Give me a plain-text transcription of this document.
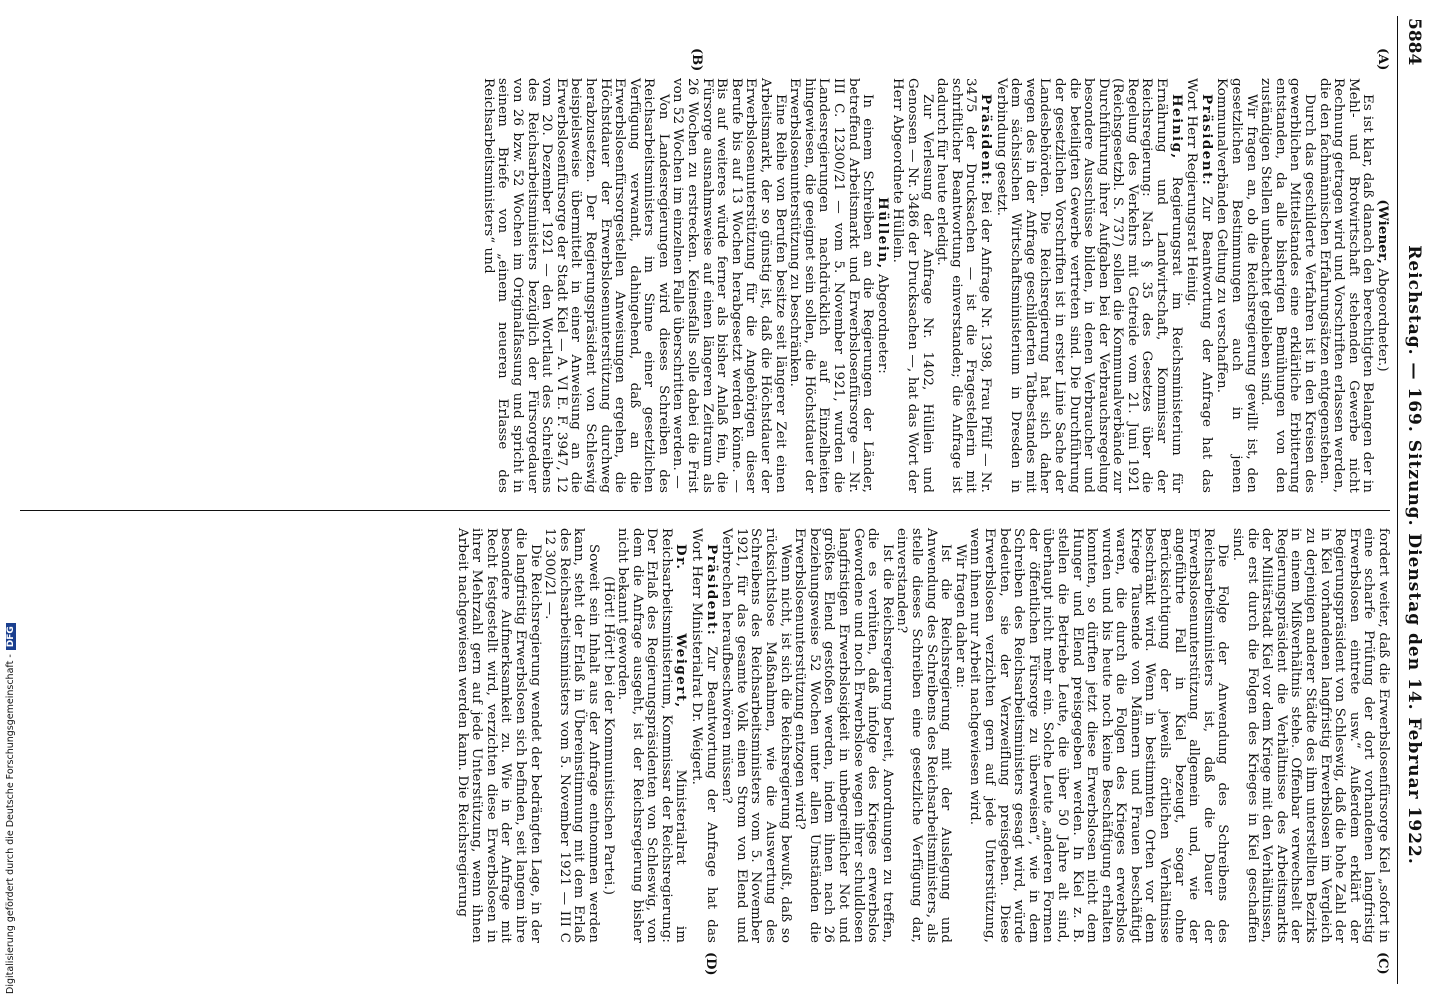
5884
Reichstag. — 169. Sitzung. Dienstag den 14. Februar 1922.
(A)
(B)
(C)
(D)

(Wiener, Abgeordneter.)

Es ist klar, daß danach den berechtigten Belangen der in Mehl- und Brotwirtschaft stehenden Gewerbe nicht Rechnung getragen wird und Vorschriften erlassen werden, die den fachmännischen Erfahrungsätzen entgegenstehen.

Durch das geschilderte Verfahren ist in den Kreisen des gewerblichen Mittelstandes eine erklärliche Erbitterung entstanden, da alle bisherigen Bemühungen von den zuständigen Stellen unbeachtet geblieben sind.

Wir fragen an, ob die Reichsregierung gewillt ist, den gesetzlichen Bestimmungen auch in jenen Kommunalverbänden Geltung zu verschaffen.

Präsident: Zur Beantwortung der Anfrage hat das Wort Herr Regierungsrat Heinig.

Heinig, Regierungsrat im Reichsministerium für Ernährung und Landwirtschaft, Kommissar der Reichsregierung: Nach § 35 des Gesetzes über die Regelung des Verkehrs mit Getreide vom 21. Juni 1921 (Reichsgesetzbl. S. 737) sollen die Kommunalverbände zur Durchführung ihrer Aufgaben bei der Verbrauchsregelung besondere Ausschüsse bilden, in denen Verbraucher und die beteiligten Gewerbe vertreten sind. Die Durchführung der gesetzlichen Vorschriften ist in erster Linie Sache der Landesbehörden. Die Reichsregierung hat sich daher wegen des in der Anfrage geschilderten Tatbestandes mit dem sächsischen Wirtschaftsministerium in Dresden in Verbindung gesetzt.

Präsident: Bei der Anfrage Nr. 1398, Frau Pfülf — Nr. 3475 der Drucksachen — ist die Fragestellerin mit schriftlicher Beantwortung einverstanden; die Anfrage ist dadurch für heute erledigt.

Zur Verlesung der Anfrage Nr. 1402, Hüllein und Genossen — Nr. 3486 der Drucksachen —, hat das Wort der Herr Abgeordnete Hüllein.

Hüllein, Abgeordneter:

In einem Schreiben an die Regierungen der Länder, betreffend Arbeitsmarkt und Erwerbslosenfürsorge — Nr. III C. 12300/21 — vom 5. November 1921, wurden die Landesregierungen nachdrücklich auf Einzelheiten hingewiesen, die geeignet sein sollen, die Höchstdauer der Erwerbslosenunterstützung zu beschränken.

Eine Reihe von Berufen besitze seit längerer Zeit einen Arbeitsmarkt, der so günstig ist, daß die Höchstdauer der Erwerbslosenunterstützung für die Angehörigen dieser Berufe bis auf 13 Wochen herabgesetzt werden könne. — Bis auf weiteres würde ferner als bisher Anlaß fein, die Fürsorge ausnahmsweise auf einen längeren Zeitraum als 26 Wochen zu erstrecken. Keinesfalls solle dabei die Frist von 52 Wochen im einzelnen Falle überschritten werden. —

Von Landesregierungen wird dieses Schreiben des Reichsarbeitsministers im Sinne einer gesetzlichen Verfügung verwandt, dahingehend, daß an die Erwerbslosenfürsorgestellen Anweisungen ergehen, die Höchstdauer der Erwerbslosenunterstützung durchweg herabzusetzen. Der Regierungspräsident von Schleswig beispielsweise übermittelt in einer Anweisung an die Erwerbslosenfürsorge der Stadt Kiel — A. VI E. F. 3947, 12 vom 20. Dezember 1921 — den Wortlaut des Schreibens des Reichsarbeitsministers bezüglich der Fürsorgedauer von 26 bzw. 52 Wochen im Originalfassung und spricht in seinem Briefe von „einem neueren Erlasse des Reichsarbeitsministers“ und

fordert weiter, daß die Erwerbslosenfürsorge Kiel „sofort in eine scharfe Prüfung der dort vorhandenen langfristig Erwerbslosen eintrete usw.“ Außerdem erklärt der Regierungspräsident von Schleswig, daß die hohe Zahl der in Kiel vorhandenen langfristig Erwerbslosen im Vergleich zu derjenigen anderer Städte des ihm unterstellten Bezirks in einem Mißverhältnis stehe. Offenbar verwechselt der Regierungspräsident die Verhältnisse des Arbeitsmarkts der Militärstadt Kiel vor dem Kriege mit den Verhältnissen, die erst durch die Folgen des Krieges in Kiel geschaffen sind.

Die Folge der Anwendung des Schreibens des Reichsarbeitsministers ist, daß die Dauer der Erwerbslosenunterstützung allgemein und, wie der angeführte Fall in Kiel bezeugt, sogar ohne Berücksichtigung der jeweils örtlichen Verhältnisse beschränkt wird. Wenn in bestimmten Orten vor dem Kriege Tausende von Männern und Frauen beschäftigt waren, die durch die Folgen des Krieges erwerbslos wurden und bis heute noch keine Beschäftigung erhalten konnten, so dürften jetzt diese Erwerbslosen nicht dem Hunger und Elend preisgegeben werden. In Kiel z. B. stellen die Betriebe Leute, die über 50 Jahre alt sind, überhaupt nicht mehr ein. Solche Leute „anderen Formen der öffentlichen Fürsorge zu überweisen“, wie in dem Schreiben des Reichsarbeitsministers gesagt wird, würde bedeuten, sie der Verzweiflung preisgeben. Diese Erwerbslosen verzichten gern auf jede Unterstützung, wenn ihnen nur Arbeit nachgewiesen wird.

Wir fragen daher an:

Ist die Reichsregierung mit der Auslegung und Anwendung des Schreibens des Reichsarbeitsministers, als stelle dieses Schreiben eine gesetzliche Verfügung dar, einverstanden?

Ist die Reichsregierung bereit, Anordnungen zu treffen, die es verhüten, daß infolge des Krieges erwerbslos Gewordene und noch Erwerbslose wegen ihrer schuldlosen langfristigen Erwerbslosigkeit in unbegreiflicher Not und größtes Elend gestoßen werden, indem ihnen nach 26 beziehungsweise 52 Wochen unter allen Umständen die Erwerbslosenunterstützung entzogen wird?

Wenn nicht, ist sich die Reichsregierung bewußt, daß so rücksichtslose Maßnahmen, wie die Auswertung des Schreibens des Reichsarbeitsministers vom 5. November 1921, für das gesamte Volk einen Strom von Elend und Verbrechen heraufbeschwören müssen?

Präsident: Zur Beantwortung der Anfrage hat das Wort Herr Ministerialrat Dr. Weigert.

Dr. Weigert, Ministerialrat im Reichsarbeitsministerium, Kommissar der Reichsregierung: Der Erlaß des Regierungspräsidenten von Schleswig, von dem die Anfrage ausgeht, ist der Reichsregierung bisher nicht bekannt geworden.

(Hört! Hört! bei der Kommunistischen Partei.)

Soweit sein Inhalt aus der Anfrage entnommen werden kann, steht der Erlaß in Übereinstimmung mit dem Erlaß des Reichsarbeitsministers vom 5. November 1921 — III C 12 300/21 —.

Die Reichsregierung wendet der bedrängten Lage, in der die langfristig Erwerbslosen sich befinden, seit langem ihre besondere Aufmerksamkeit zu. Wie in der Anfrage mit Recht festgestellt wird, verzichten diese Erwerbslosen in ihrer Mehrzahl gern auf jede Unterstützung, wenn ihnen Arbeit nachgewiesen werden kann. Die Reichsregierung

Digitalisierung gefördert durch die Deutsche Forschungsgemeinschaft -DFG
